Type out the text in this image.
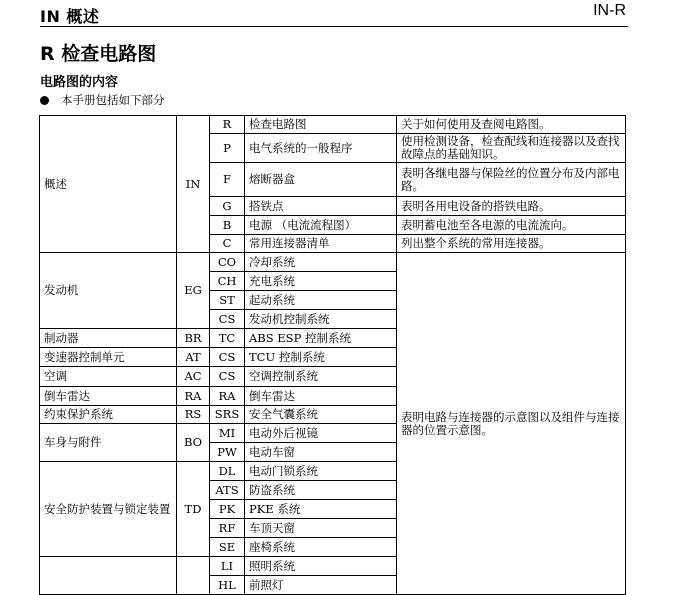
IN 概述	IN-R
R 检查电路图
电路图的内容
本手册包括如下部分
概述	IN	R	检查电路图	关于如何使用及查阅电路图。
		P	电气系统的一般程序	使用检测设备，检查配线和连接器以及查找故障点的基础知识。
		F	熔断器盒	表明各继电器与保险丝的位置分布及内部电路。
		G	搭铁点	表明各用电设备的搭铁电路。
		B	电源 （电流流程图）	表明蓄电池至各电源的电流流向。
		C	常用连接器清单	列出整个系统的常用连接器。
发动机	EG	CO	冷却系统	表明电路与连接器的示意图以及组件与连接器的位置示意图。
		CH	充电系统	
		ST	起动系统	
		CS	发动机控制系统	
制动器	BR	TC	ABS ESP 控制系统	
变速器控制单元	AT	CS	TCU 控制系统	
空调	AC	CS	空调控制系统	
倒车雷达	RA	RA	倒车雷达	
约束保护系统	RS	SRS	安全气囊系统	
车身与附件	BO	MI	电动外后视镜	
		PW	电动车窗	
安全防护装置与锁定装置	TD	DL	电动门锁系统	
		ATS	防盗系统	
		PK	PKE 系统	
		RF	车顶天窗	
		SE	座椅系统	
		LI	照明系统	
		HL	前照灯	
